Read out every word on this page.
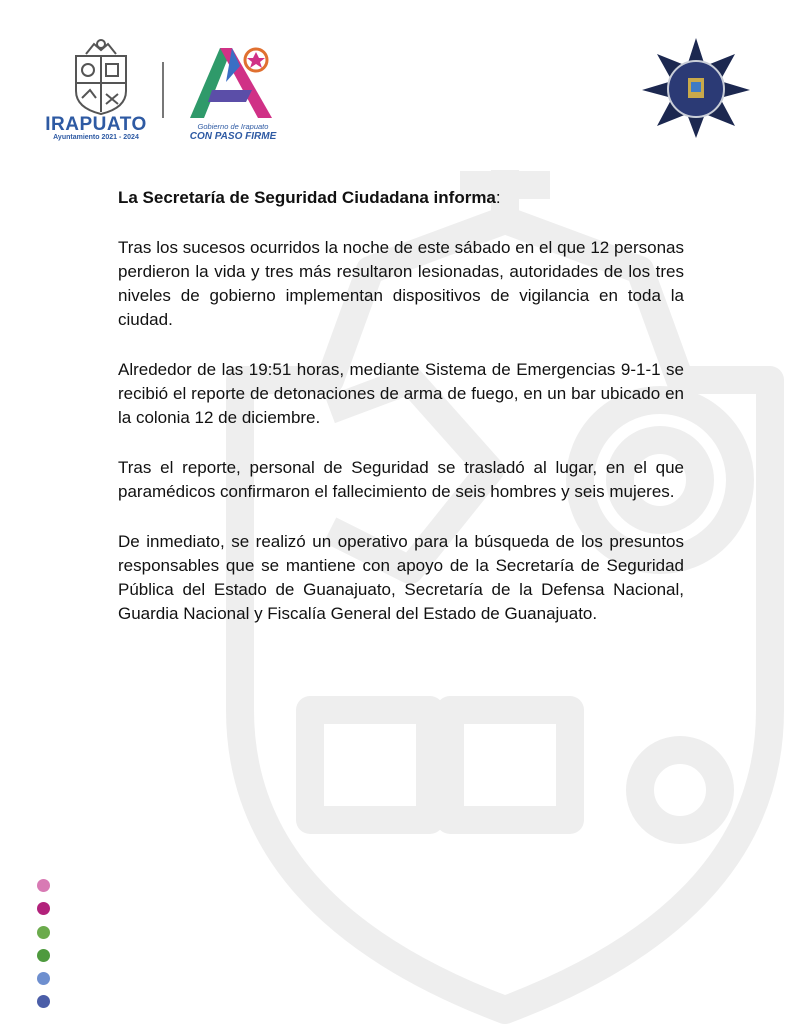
IRAPUATO
Ayuntamiento 2021 - 2024
Gobierno de Irapuato
CON PASO FIRME

La Secretaría de Seguridad Ciudadana informa:

Tras los sucesos ocurridos la noche de este sábado en el que 12 personas perdieron la vida y tres más resultaron lesionadas, autoridades de los tres niveles de gobierno implementan dispositivos de vigilancia en toda la ciudad.

Alrededor de las 19:51 horas, mediante Sistema de Emergencias 9-1-1 se recibió el reporte de detonaciones de arma de fuego, en un bar ubicado en la colonia 12 de diciembre.

Tras el reporte, personal de Seguridad se trasladó al lugar, en el que paramédicos confirmaron el fallecimiento de seis hombres y seis mujeres.

De inmediato, se realizó un operativo para la búsqueda de los presuntos responsables que se mantiene con apoyo de la Secretaría de Seguridad Pública del Estado de Guanajuato, Secretaría de la Defensa Nacional, Guardia Nacional y Fiscalía General del Estado de Guanajuato.
